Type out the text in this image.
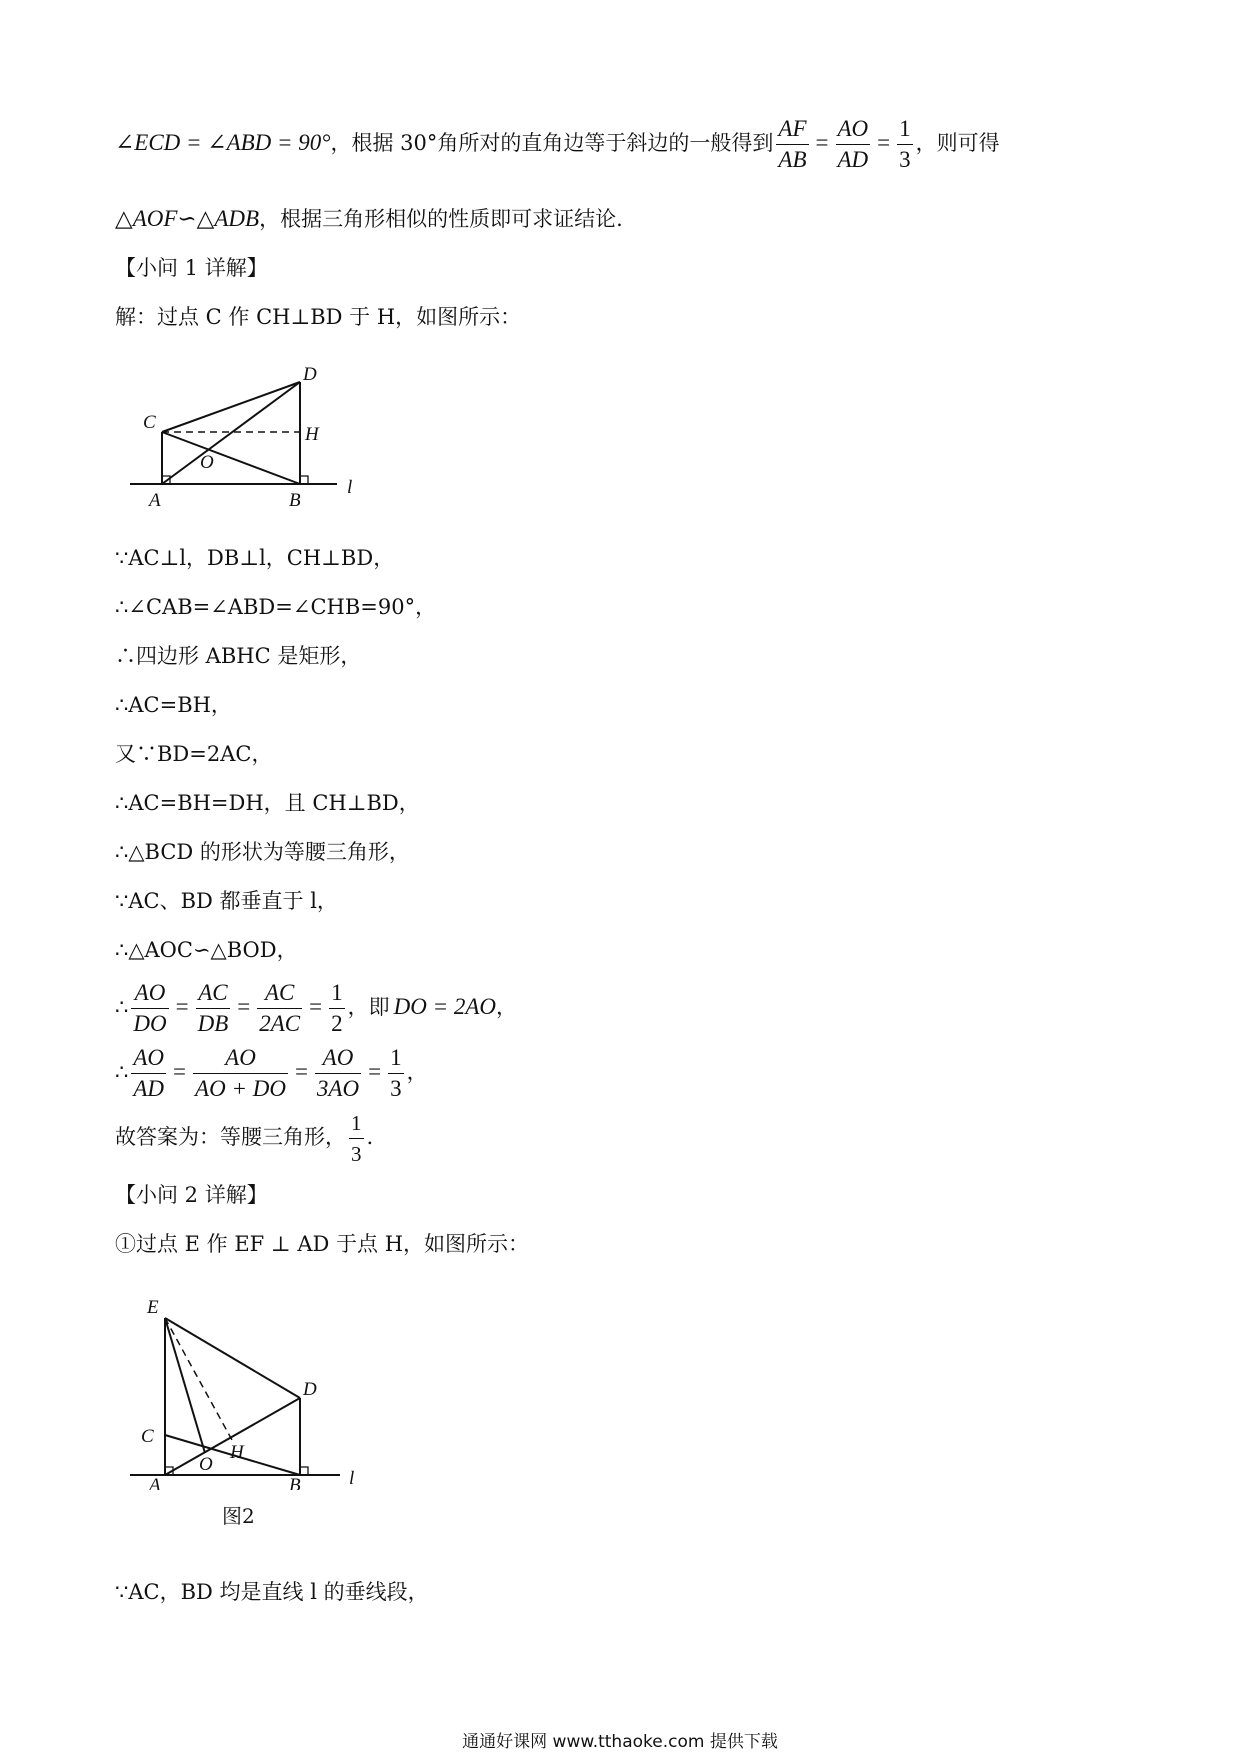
∠ECD = ∠ABD = 90°，根据 30°角所对的直角边等于斜边的一般得到 $\frac{AF}{AB} = \frac{AO}{AD} = \frac{1}{3}$ ，则可得
△AOF∽△ADB，根据三角形相似的性质即可求证结论.
【小问 1 详解】
解：过点 C 作 CH⊥BD 于 H，如图所示：
C
D
H
O
A	B
l
∵AC⊥l，DB⊥l，CH⊥BD，
∴∠CAB=∠ABD=∠CHB=90°，
∴四边形 ABHC 是矩形，
∴AC=BH，
又∵BD=2AC，
∴AC=BH=DH，且 CH⊥BD，
∴△BCD 的形状为等腰三角形，
∵AC、BD 都垂直于 l，
∴△AOC∽△BOD，
∴ $\frac{AO}{DO} = \frac{AC}{DB} = \frac{AC}{2AC} = \frac{1}{2}$ ，即 DO = 2AO，
∴ $\frac{AO}{AD} = \frac{AO}{AO + DO} = \frac{AO}{3AO} = \frac{1}{3}$ ，
故答案为：等腰三角形， $\frac{1}{3}$ .
【小问 2 详解】
①过点 E 作 EF ⊥ AD 于点 H，如图所示：
E
D
C
H
O
A	B	l
图2
∵AC，BD 均是直线 l 的垂线段，
通通好课网 www.tthaoke.com 提供下载
